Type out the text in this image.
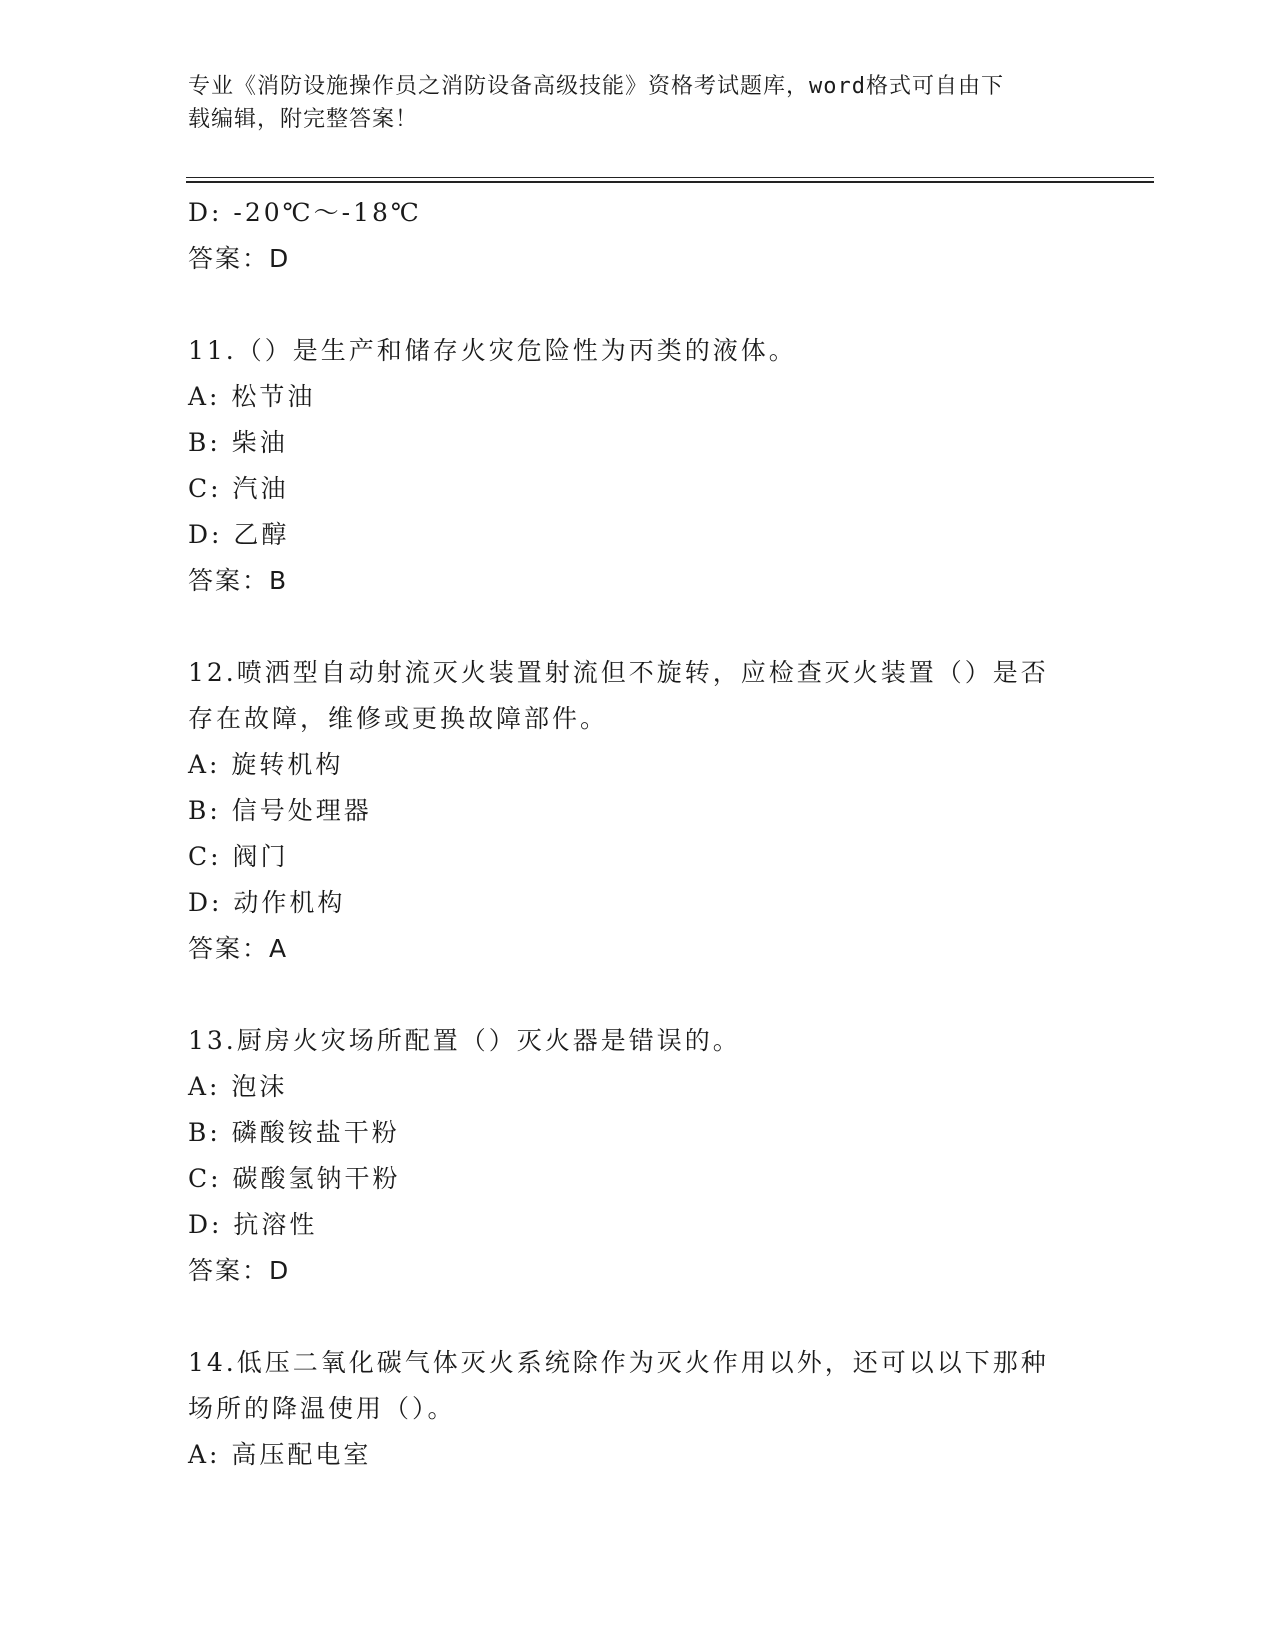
专业《消防设施操作员之消防设备高级技能》资格考试题库，word格式可自由下
载编辑，附完整答案！
D: -20℃～-18℃
答案：D
11.（）是生产和储存火灾危险性为丙类的液体。
A: 松节油
B: 柴油
C: 汽油
D: 乙醇
答案：B
12.喷洒型自动射流灭火装置射流但不旋转，应检查灭火装置（）是否
存在故障，维修或更换故障部件。
A: 旋转机构
B: 信号处理器
C: 阀门
D: 动作机构
答案：A
13.厨房火灾场所配置（）灭火器是错误的。
A: 泡沫
B: 磷酸铵盐干粉
C: 碳酸氢钠干粉
D: 抗溶性
答案：D
14.低压二氧化碳气体灭火系统除作为灭火作用以外，还可以以下那种
场所的降温使用（）。
A: 高压配电室
